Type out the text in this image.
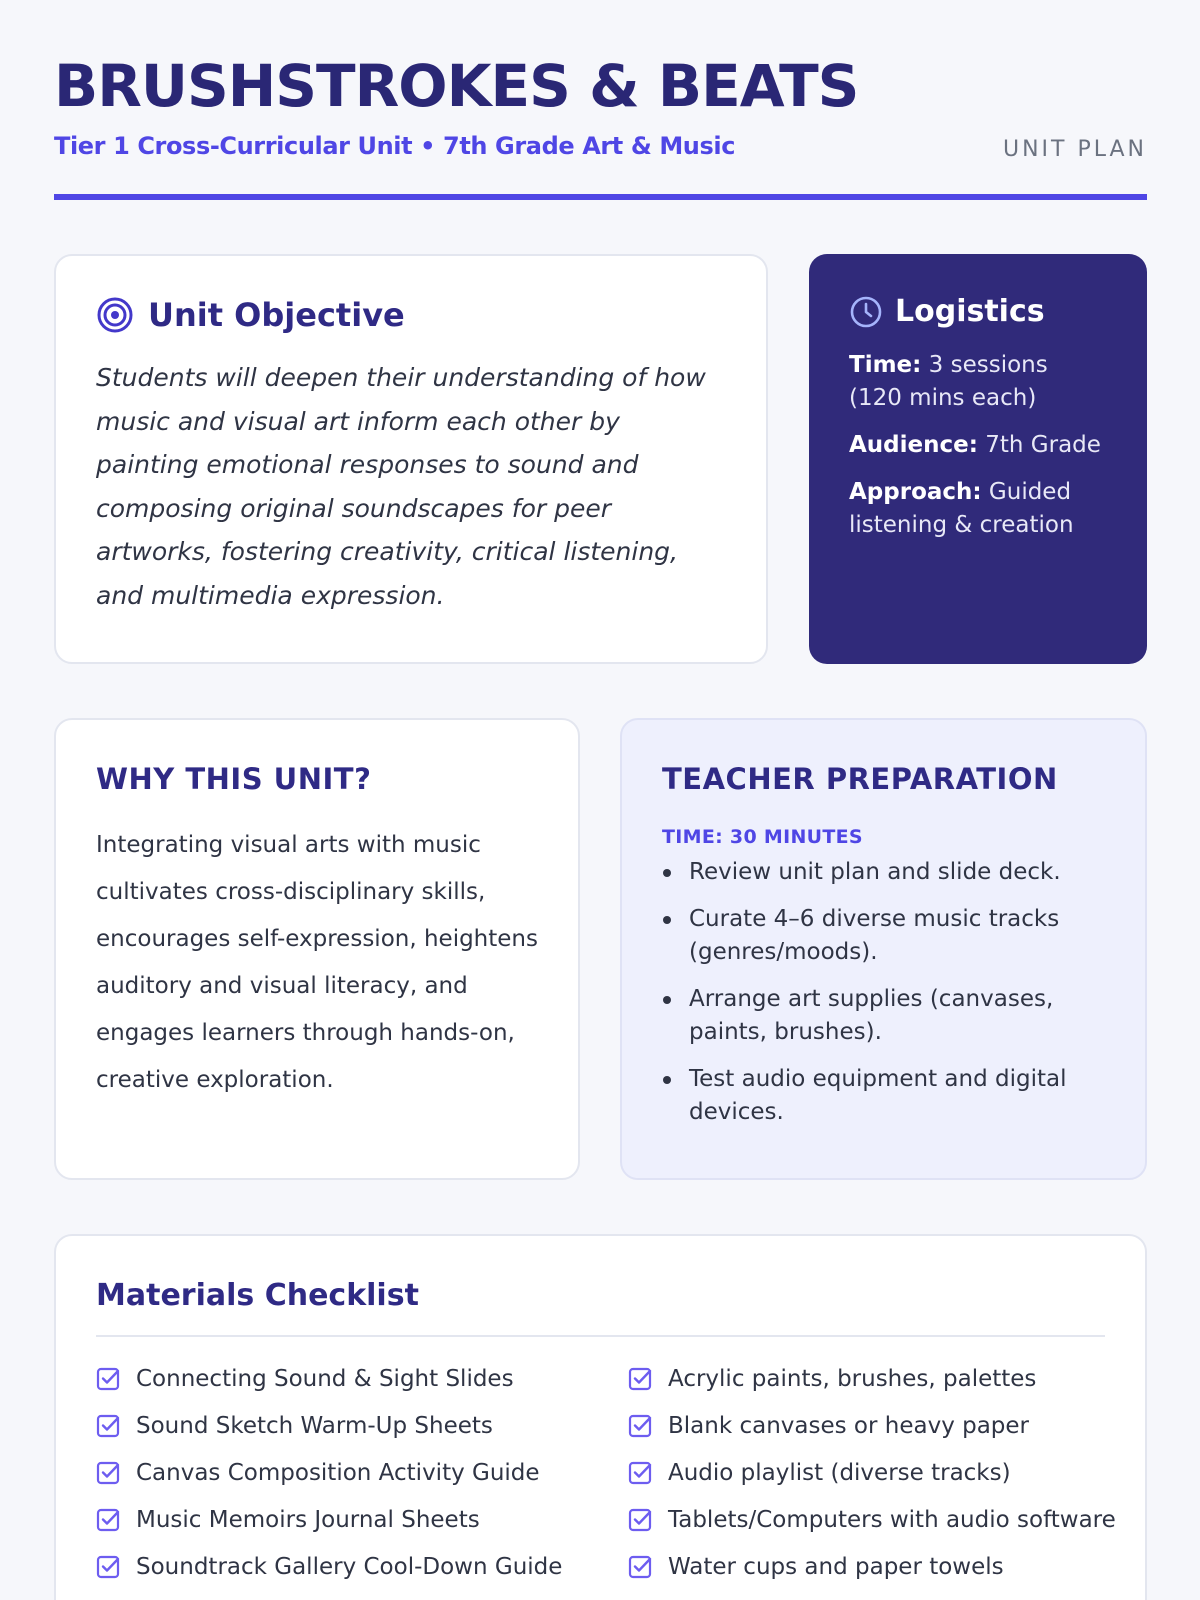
BRUSHSTROKES & BEATS
Tier 1 Cross-Curricular Unit • 7th Grade Art & Music	UNIT PLAN
Unit Objective

Students will deepen their understanding of how music and visual art inform each other by painting emotional responses to sound and composing original soundscapes for peer artworks, fostering creativity, critical listening, and multimedia expression.

Logistics

Time: 3 sessions (120 mins each)

Audience: 7th Grade

Approach: Guided listening & creation

WHY THIS UNIT?

Integrating visual arts with music cultivates cross-disciplinary skills, encourages self-expression, heightens auditory and visual literacy, and engages learners through hands-on, creative exploration.

TEACHER PREPARATION
TIME: 30 MINUTES
Review unit plan and slide deck.
Curate 4–6 diverse music tracks (genres/moods).
Arrange art supplies (canvases, paints, brushes).
Test audio equipment and digital devices.
Materials Checklist
Connecting Sound & Sight Slides	Acrylic paints, brushes, palettes
Sound Sketch Warm-Up Sheets	Blank canvases or heavy paper
Canvas Composition Activity Guide	Audio playlist (diverse tracks)
Music Memoirs Journal Sheets	Tablets/Computers with audio software
Soundtrack Gallery Cool-Down Guide	Water cups and paper towels
